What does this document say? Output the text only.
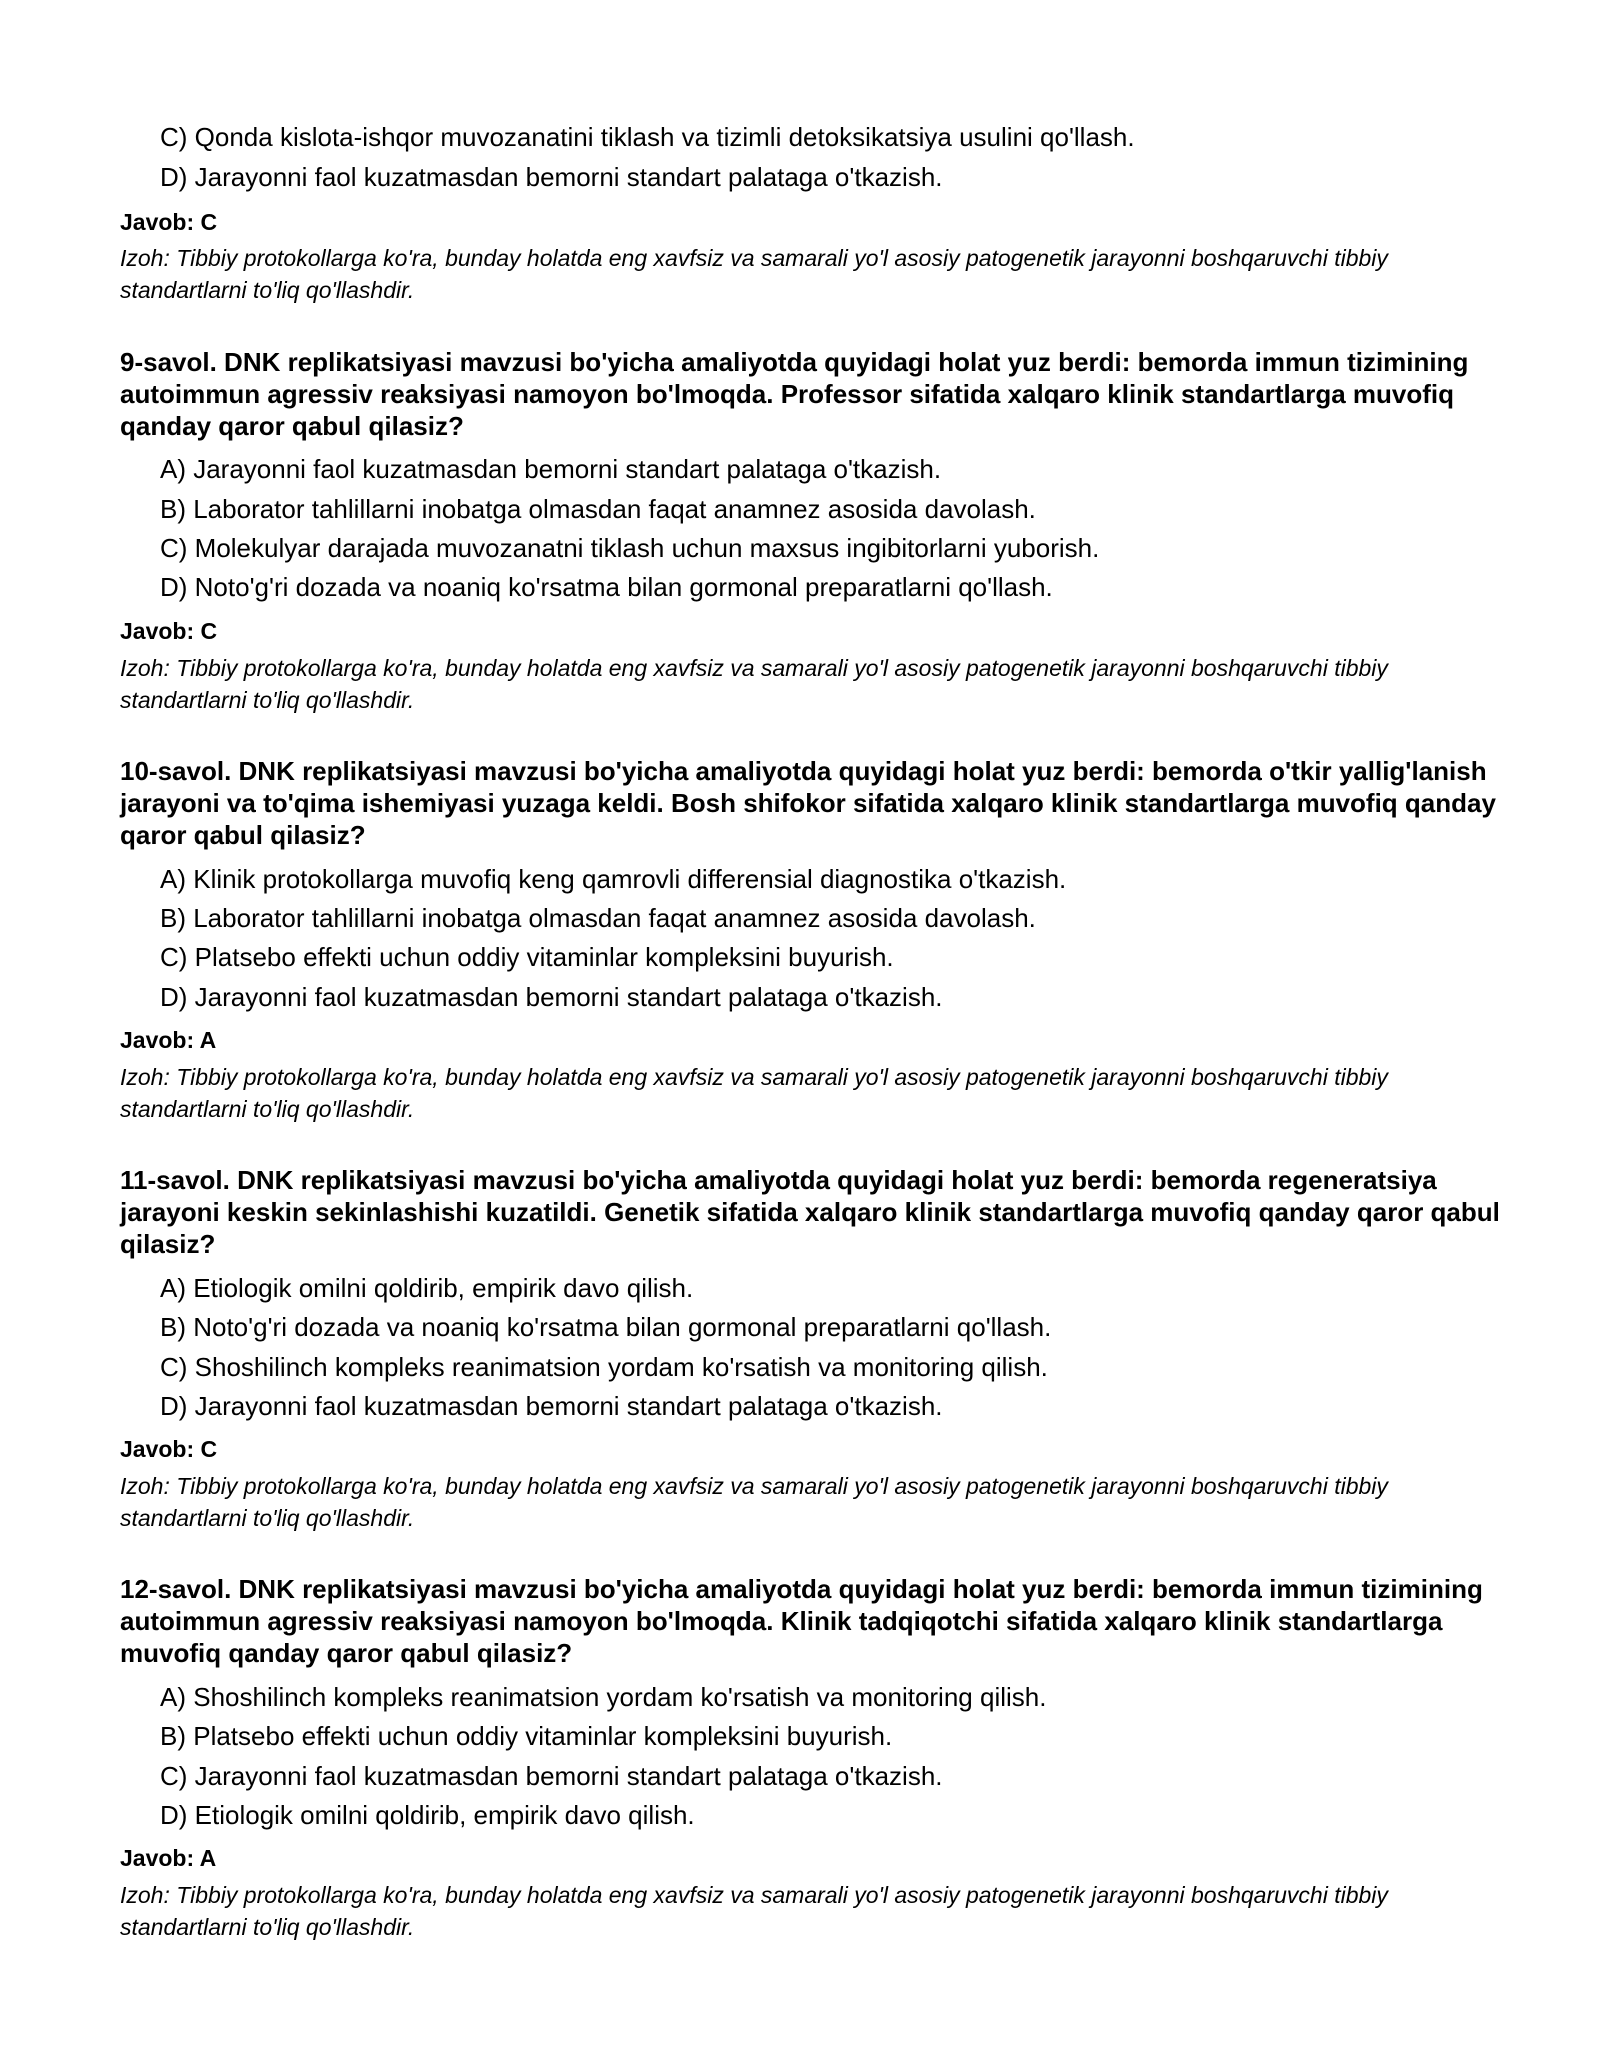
C) Qonda kislota-ishqor muvozanatini tiklash va tizimli detoksikatsiya usulini qo'llash.
D) Jarayonni faol kuzatmasdan bemorni standart palataga o'tkazish.
Javob: C
Izoh: Tibbiy protokollarga ko'ra, bunday holatda eng xavfsiz va samarali yo'l asosiy patogenetik jarayonni boshqaruvchi tibbiy standartlarni to'liq qo'llashdir.
9-savol. DNK replikatsiyasi mavzusi bo'yicha amaliyotda quyidagi holat yuz berdi: bemorda immun tizimining autoimmun agressiv reaksiyasi namoyon bo'lmoqda. Professor sifatida xalqaro klinik standartlarga muvofiq qanday qaror qabul qilasiz?
A) Jarayonni faol kuzatmasdan bemorni standart palataga o'tkazish.
B) Laborator tahlillarni inobatga olmasdan faqat anamnez asosida davolash.
C) Molekulyar darajada muvozanatni tiklash uchun maxsus ingibitorlarni yuborish.
D) Noto'g'ri dozada va noaniq ko'rsatma bilan gormonal preparatlarni qo'llash.
Javob: C
Izoh: Tibbiy protokollarga ko'ra, bunday holatda eng xavfsiz va samarali yo'l asosiy patogenetik jarayonni boshqaruvchi tibbiy standartlarni to'liq qo'llashdir.
10-savol. DNK replikatsiyasi mavzusi bo'yicha amaliyotda quyidagi holat yuz berdi: bemorda o'tkir yallig'lanish jarayoni va to'qima ishemiyasi yuzaga keldi. Bosh shifokor sifatida xalqaro klinik standartlarga muvofiq qanday qaror qabul qilasiz?
A) Klinik protokollarga muvofiq keng qamrovli differensial diagnostika o'tkazish.
B) Laborator tahlillarni inobatga olmasdan faqat anamnez asosida davolash.
C) Platsebo effekti uchun oddiy vitaminlar kompleksini buyurish.
D) Jarayonni faol kuzatmasdan bemorni standart palataga o'tkazish.
Javob: A
Izoh: Tibbiy protokollarga ko'ra, bunday holatda eng xavfsiz va samarali yo'l asosiy patogenetik jarayonni boshqaruvchi tibbiy standartlarni to'liq qo'llashdir.
11-savol. DNK replikatsiyasi mavzusi bo'yicha amaliyotda quyidagi holat yuz berdi: bemorda regeneratsiya jarayoni keskin sekinlashishi kuzatildi. Genetik sifatida xalqaro klinik standartlarga muvofiq qanday qaror qabul qilasiz?
A) Etiologik omilni qoldirib, empirik davo qilish.
B) Noto'g'ri dozada va noaniq ko'rsatma bilan gormonal preparatlarni qo'llash.
C) Shoshilinch kompleks reanimatsion yordam ko'rsatish va monitoring qilish.
D) Jarayonni faol kuzatmasdan bemorni standart palataga o'tkazish.
Javob: C
Izoh: Tibbiy protokollarga ko'ra, bunday holatda eng xavfsiz va samarali yo'l asosiy patogenetik jarayonni boshqaruvchi tibbiy standartlarni to'liq qo'llashdir.
12-savol. DNK replikatsiyasi mavzusi bo'yicha amaliyotda quyidagi holat yuz berdi: bemorda immun tizimining autoimmun agressiv reaksiyasi namoyon bo'lmoqda. Klinik tadqiqotchi sifatida xalqaro klinik standartlarga muvofiq qanday qaror qabul qilasiz?
A) Shoshilinch kompleks reanimatsion yordam ko'rsatish va monitoring qilish.
B) Platsebo effekti uchun oddiy vitaminlar kompleksini buyurish.
C) Jarayonni faol kuzatmasdan bemorni standart palataga o'tkazish.
D) Etiologik omilni qoldirib, empirik davo qilish.
Javob: A
Izoh: Tibbiy protokollarga ko'ra, bunday holatda eng xavfsiz va samarali yo'l asosiy patogenetik jarayonni boshqaruvchi tibbiy standartlarni to'liq qo'llashdir.
